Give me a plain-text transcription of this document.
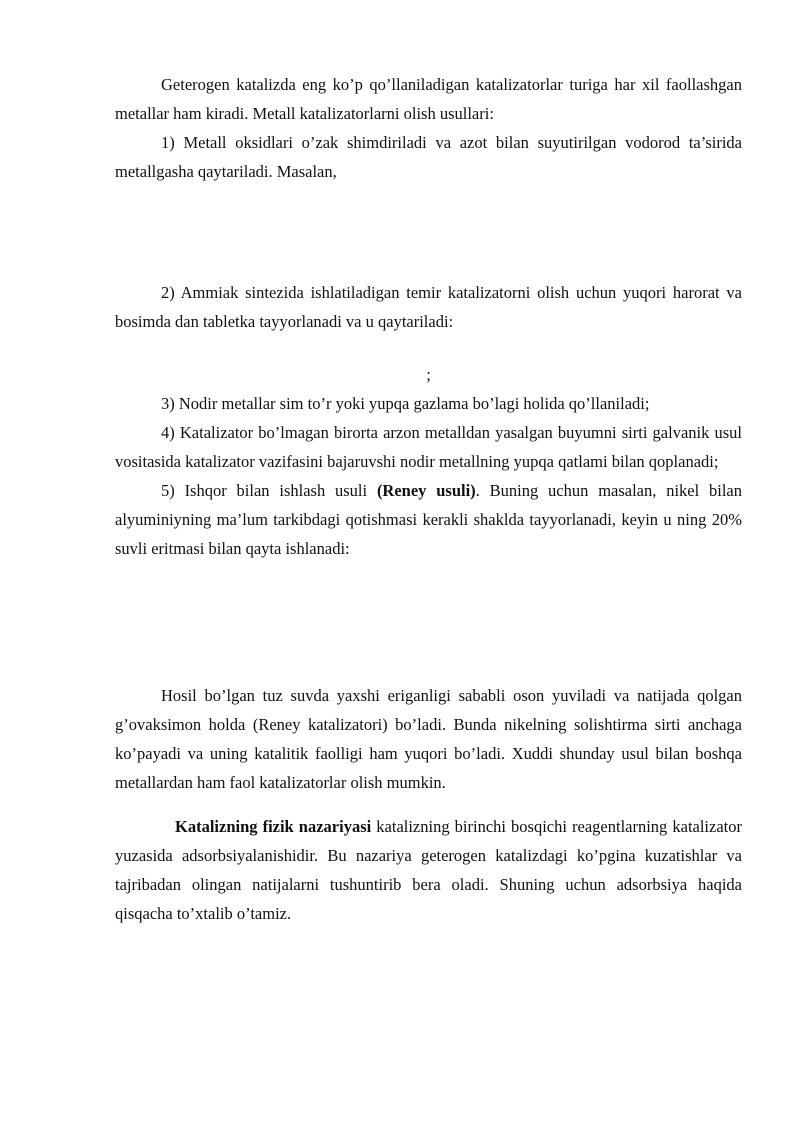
Geterogen katalizda eng ko’p qo’llaniladigan katalizatorlar turiga har xil faollashgan metallar ham kiradi. Metall katalizatorlarni olish usullari:

1) Metall oksidlari o’zak shimdiriladi va azot bilan suyutirilgan vodorod ta’sirida metallgasha qaytariladi. Masalan,

2) Ammiak sintezida ishlatiladigan temir katalizatorni olish uchun yuqori harorat va bosimda dan tabletka tayyorlanadi va u qaytariladi:

;

3) Nodir metallar sim to’r yoki yupqa gazlama bo’lagi holida qo’llaniladi;

4) Katalizator bo’lmagan birorta arzon metalldan yasalgan buyumni sirti galvanik usul vositasida katalizator vazifasini bajaruvshi nodir metallning yupqa qatlami bilan qoplanadi;

5) Ishqor bilan ishlash usuli (Reney usuli). Buning uchun masalan, nikel bilan alyuminiyning ma’lum tarkibdagi qotishmasi kerakli shaklda tayyorlanadi, keyin u ning 20% suvli eritmasi bilan qayta ishlanadi:

Hosil bo’lgan tuz suvda yaxshi eriganligi sababli oson yuviladi va natijada qolgan g’ovaksimon holda (Reney katalizatori) bo’ladi. Bunda nikelning solishtirma sirti anchaga ko’payadi va uning katalitik faolligi ham yuqori bo’ladi. Xuddi shunday usul bilan boshqa metallardan ham faol katalizatorlar olish mumkin.

Katalizning fizik nazariyasi katalizning birinchi bosqichi reagentlarning katalizator yuzasida adsorbsiyalanishidir. Bu nazariya geterogen katalizdagi ko’pgina kuzatishlar va tajribadan olingan natijalarni tushuntirib bera oladi. Shuning uchun adsorbsiya haqida qisqacha to’xtalib o’tamiz.
